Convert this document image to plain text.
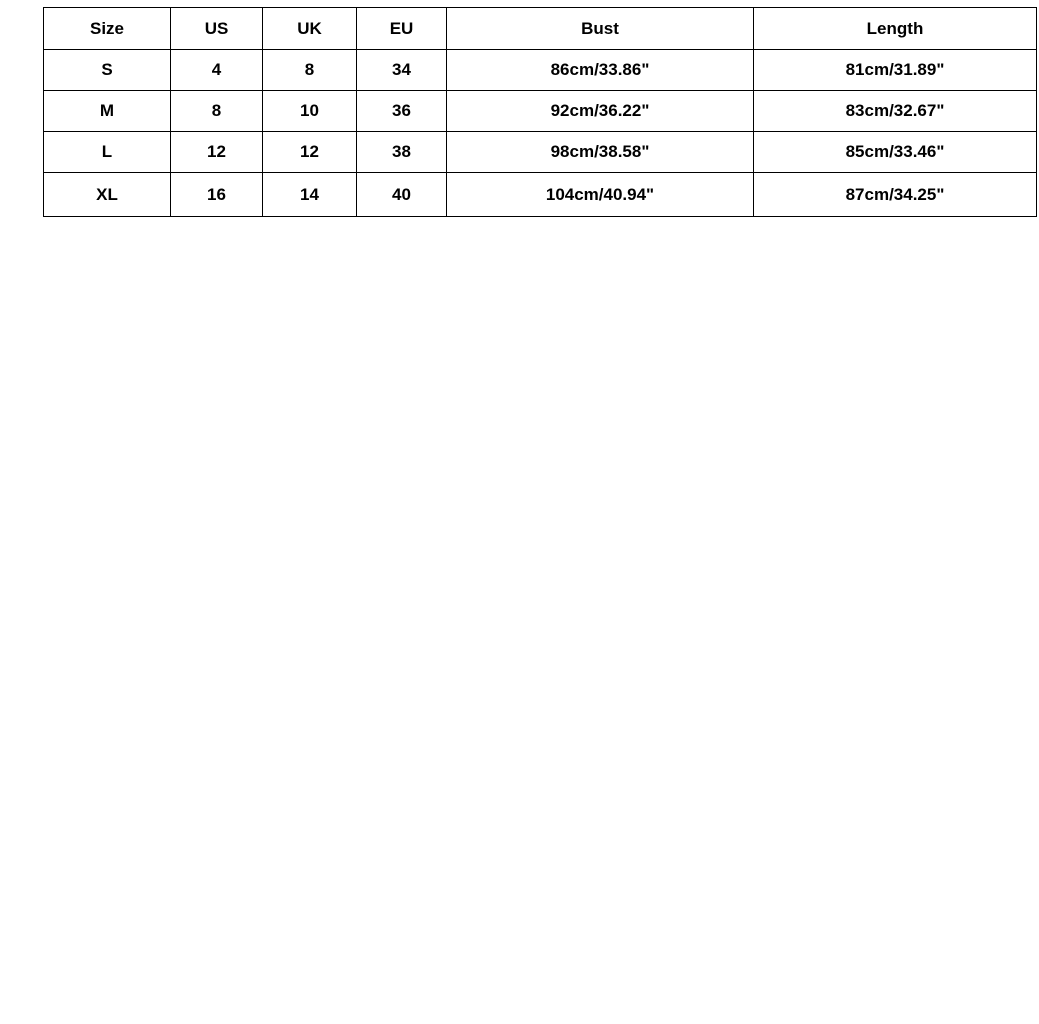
Size	US	UK	EU	Bust	Length
S	4	8	34	86cm/33.86"	81cm/31.89"
M	8	10	36	92cm/36.22"	83cm/32.67"
L	12	12	38	98cm/38.58"	85cm/33.46"
XL	16	14	40	104cm/40.94"	87cm/34.25"
